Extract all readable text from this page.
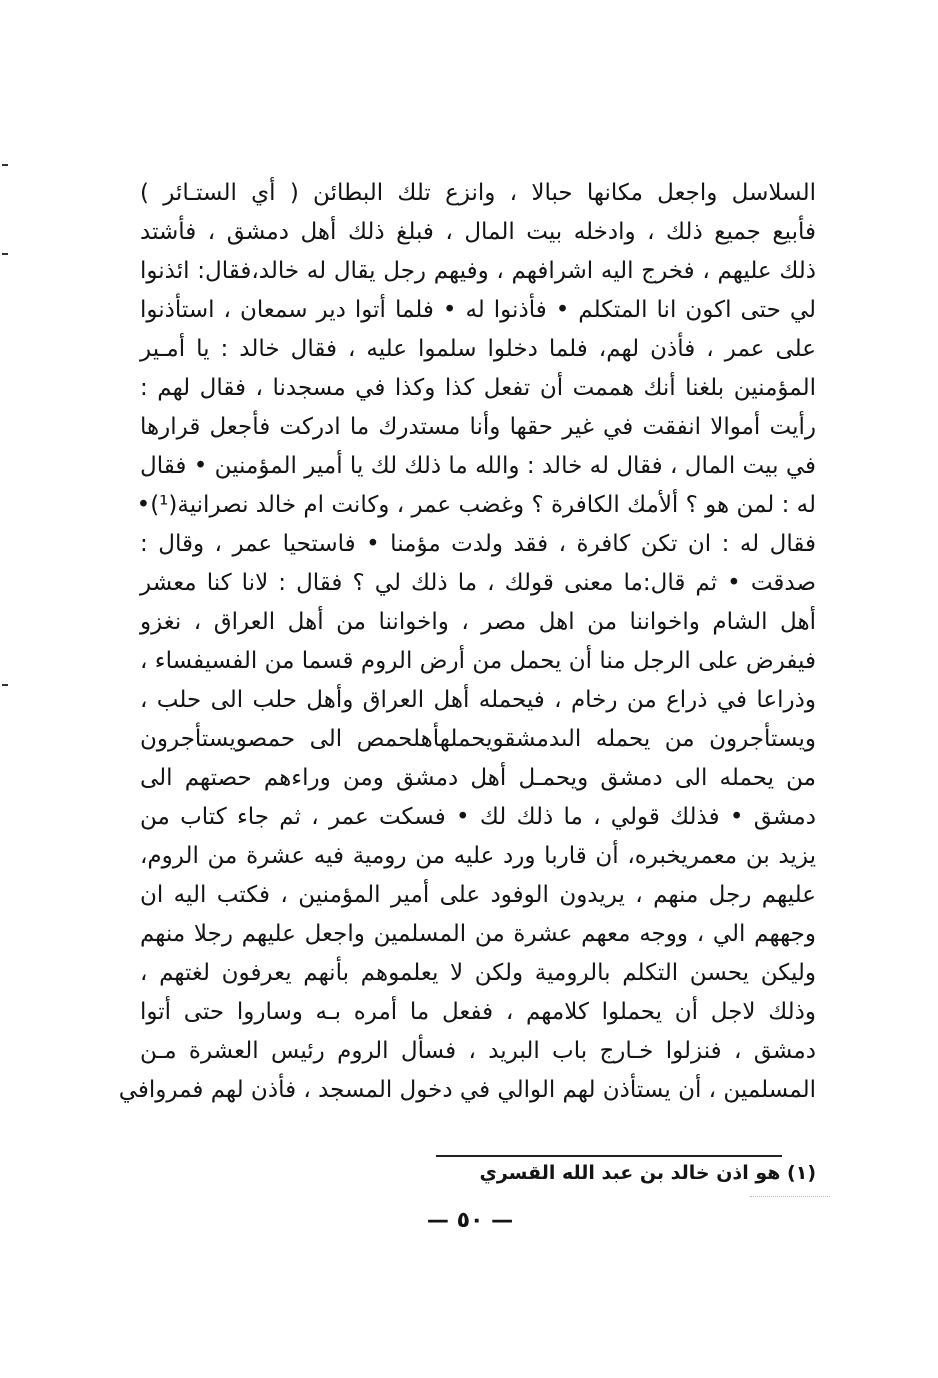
السلاسل واجعل مكانها حبالا ، وانزع تلك البطائن ( أي الستـائر )
فأبيع جميع ذلك ، وادخله بيت المال ، فبلغ ذلك أهل دمشق ، فأشتد
ذلك عليهم ، فخرج اليه اشرافهم ، وفيهم رجل يقال له خالد،فقال: ائذنوا
لي حتى اكون انا المتكلم • فأذنوا له • فلما أتوا دير سمعان ، استأذنوا
على عمر ، فأذن لهم، فلما دخلوا سلموا عليه ، فقال خالد : يا أمـير
المؤمنين بلغنا أنك هممت أن تفعل كذا وكذا في مسجدنا ، فقال لهم :
رأيت أموالا انفقت في غير حقها وأنا مستدرك ما ادركت فأجعل قرارها
في بيت المال ، فقال له خالد : والله ما ذلك لك يا أمير المؤمنين • فقال
له : لمن هو ؟ ألأمك الكافرة ؟ وغضب عمر ، وكانت ام خالد نصرانية(¹)•
فقال له : ان تكن كافرة ، فقد ولدت مؤمنا • فاستحيا عمر ، وقال :
صدقت • ثم قال:ما معنى قولك ، ما ذلك لي ؟ فقال : لانا كنا معشر
أهل الشام واخواننا من اهل مصر ، واخواننا من أهل العراق ، نغزو
فيفرض على الرجل منا أن يحمل من أرض الروم قسما من الفسيفساء ،
وذراعا في ذراع من رخام ، فيحمله أهل العراق وأهل حلب الى حلب ،
ويستأجرون من يحمله الىدمشقويحملهأهلحمص الى حمصويستأجرون
من يحمله الى دمشق ويحمـل أهل دمشق ومن وراءهم حصتهم الى
دمشق • فذلك قولي ، ما ذلك لك • فسكت عمر ، ثم جاء كتاب من
يزيد بن معمريخبره، أن قاربا ورد عليه من رومية فيه عشرة من الروم،
عليهم رجل منهم ، يريدون الوفود على أمير المؤمنين ، فكتب اليه ان
وجههم الي ، ووجه معهم عشرة من المسلمين واجعل عليهم رجلا منهم
وليكن يحسن التكلم بالرومية ولكن لا يعلموهم بأنهم يعرفون لغتهم ،
وذلك لاجل أن يحملوا كلامهم ، ففعل ما أمره بـه وساروا حتى أتوا
دمشق ، فنزلوا خـارج باب البريد ، فسأل الروم رئيس العشرة مـن
المسلمين ، أن يستأذن لهم الوالي في دخول المسجد ، فأذن لهم فمروافي
(١) هو اذن خالد بن عبد الله القسري
— ٥٠ —
